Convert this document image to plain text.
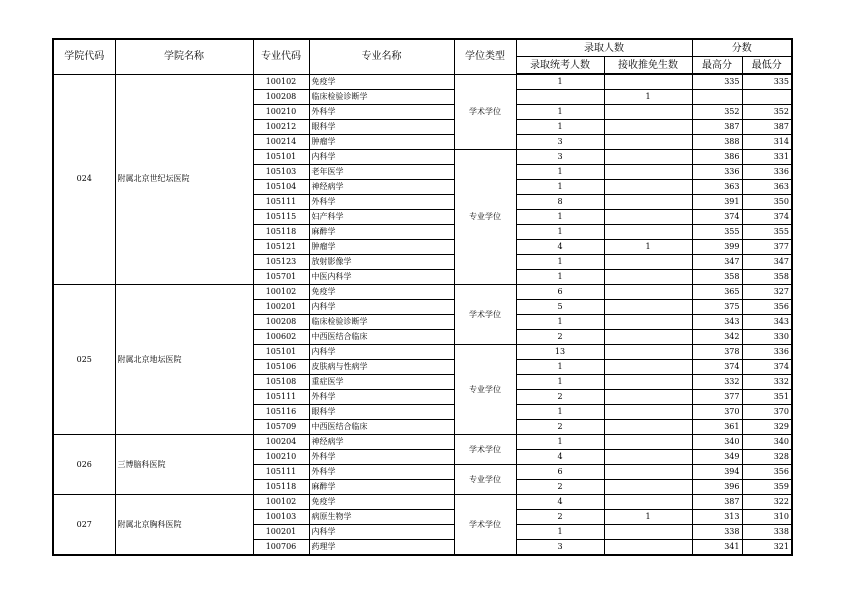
学院代码	学院名称	专业代码	专业名称	学位类型	录取人数		分数	
					录取统考人数	接收推免生数	最高分	最低分
024	附属北京世纪坛医院	100102	免疫学	学术学位	1		335	335
		100208	临床检验诊断学			1		
		100210	外科学		1		352	352
		100212	眼科学		1		387	387
		100214	肿瘤学		3		388	314
		105101	内科学	专业学位	3		386	331
		105103	老年医学		1		336	336
		105104	神经病学		1		363	363
		105111	外科学		8		391	350
		105115	妇产科学		1		374	374
		105118	麻醉学		1		355	355
		105121	肿瘤学		4	1	399	377
		105123	放射影像学		1		347	347
		105701	中医内科学		1		358	358
025	附属北京地坛医院	100102	免疫学	学术学位	6		365	327
		100201	内科学		5		375	356
		100208	临床检验诊断学		1		343	343
		100602	中西医结合临床		2		342	330
		105101	内科学	专业学位	13		378	336
		105106	皮肤病与性病学		1		374	374
		105108	重症医学		1		332	332
		105111	外科学		2		377	351
		105116	眼科学		1		370	370
		105709	中西医结合临床		2		361	329
026	三博脑科医院	100204	神经病学	学术学位	1		340	340
		100210	外科学		4		349	328
		105111	外科学	专业学位	6		394	356
		105118	麻醉学		2		396	359
027	附属北京胸科医院	100102	免疫学	学术学位	4		387	322
		100103	病原生物学		2	1	313	310
		100201	内科学		1		338	338
		100706	药理学		3		341	321
